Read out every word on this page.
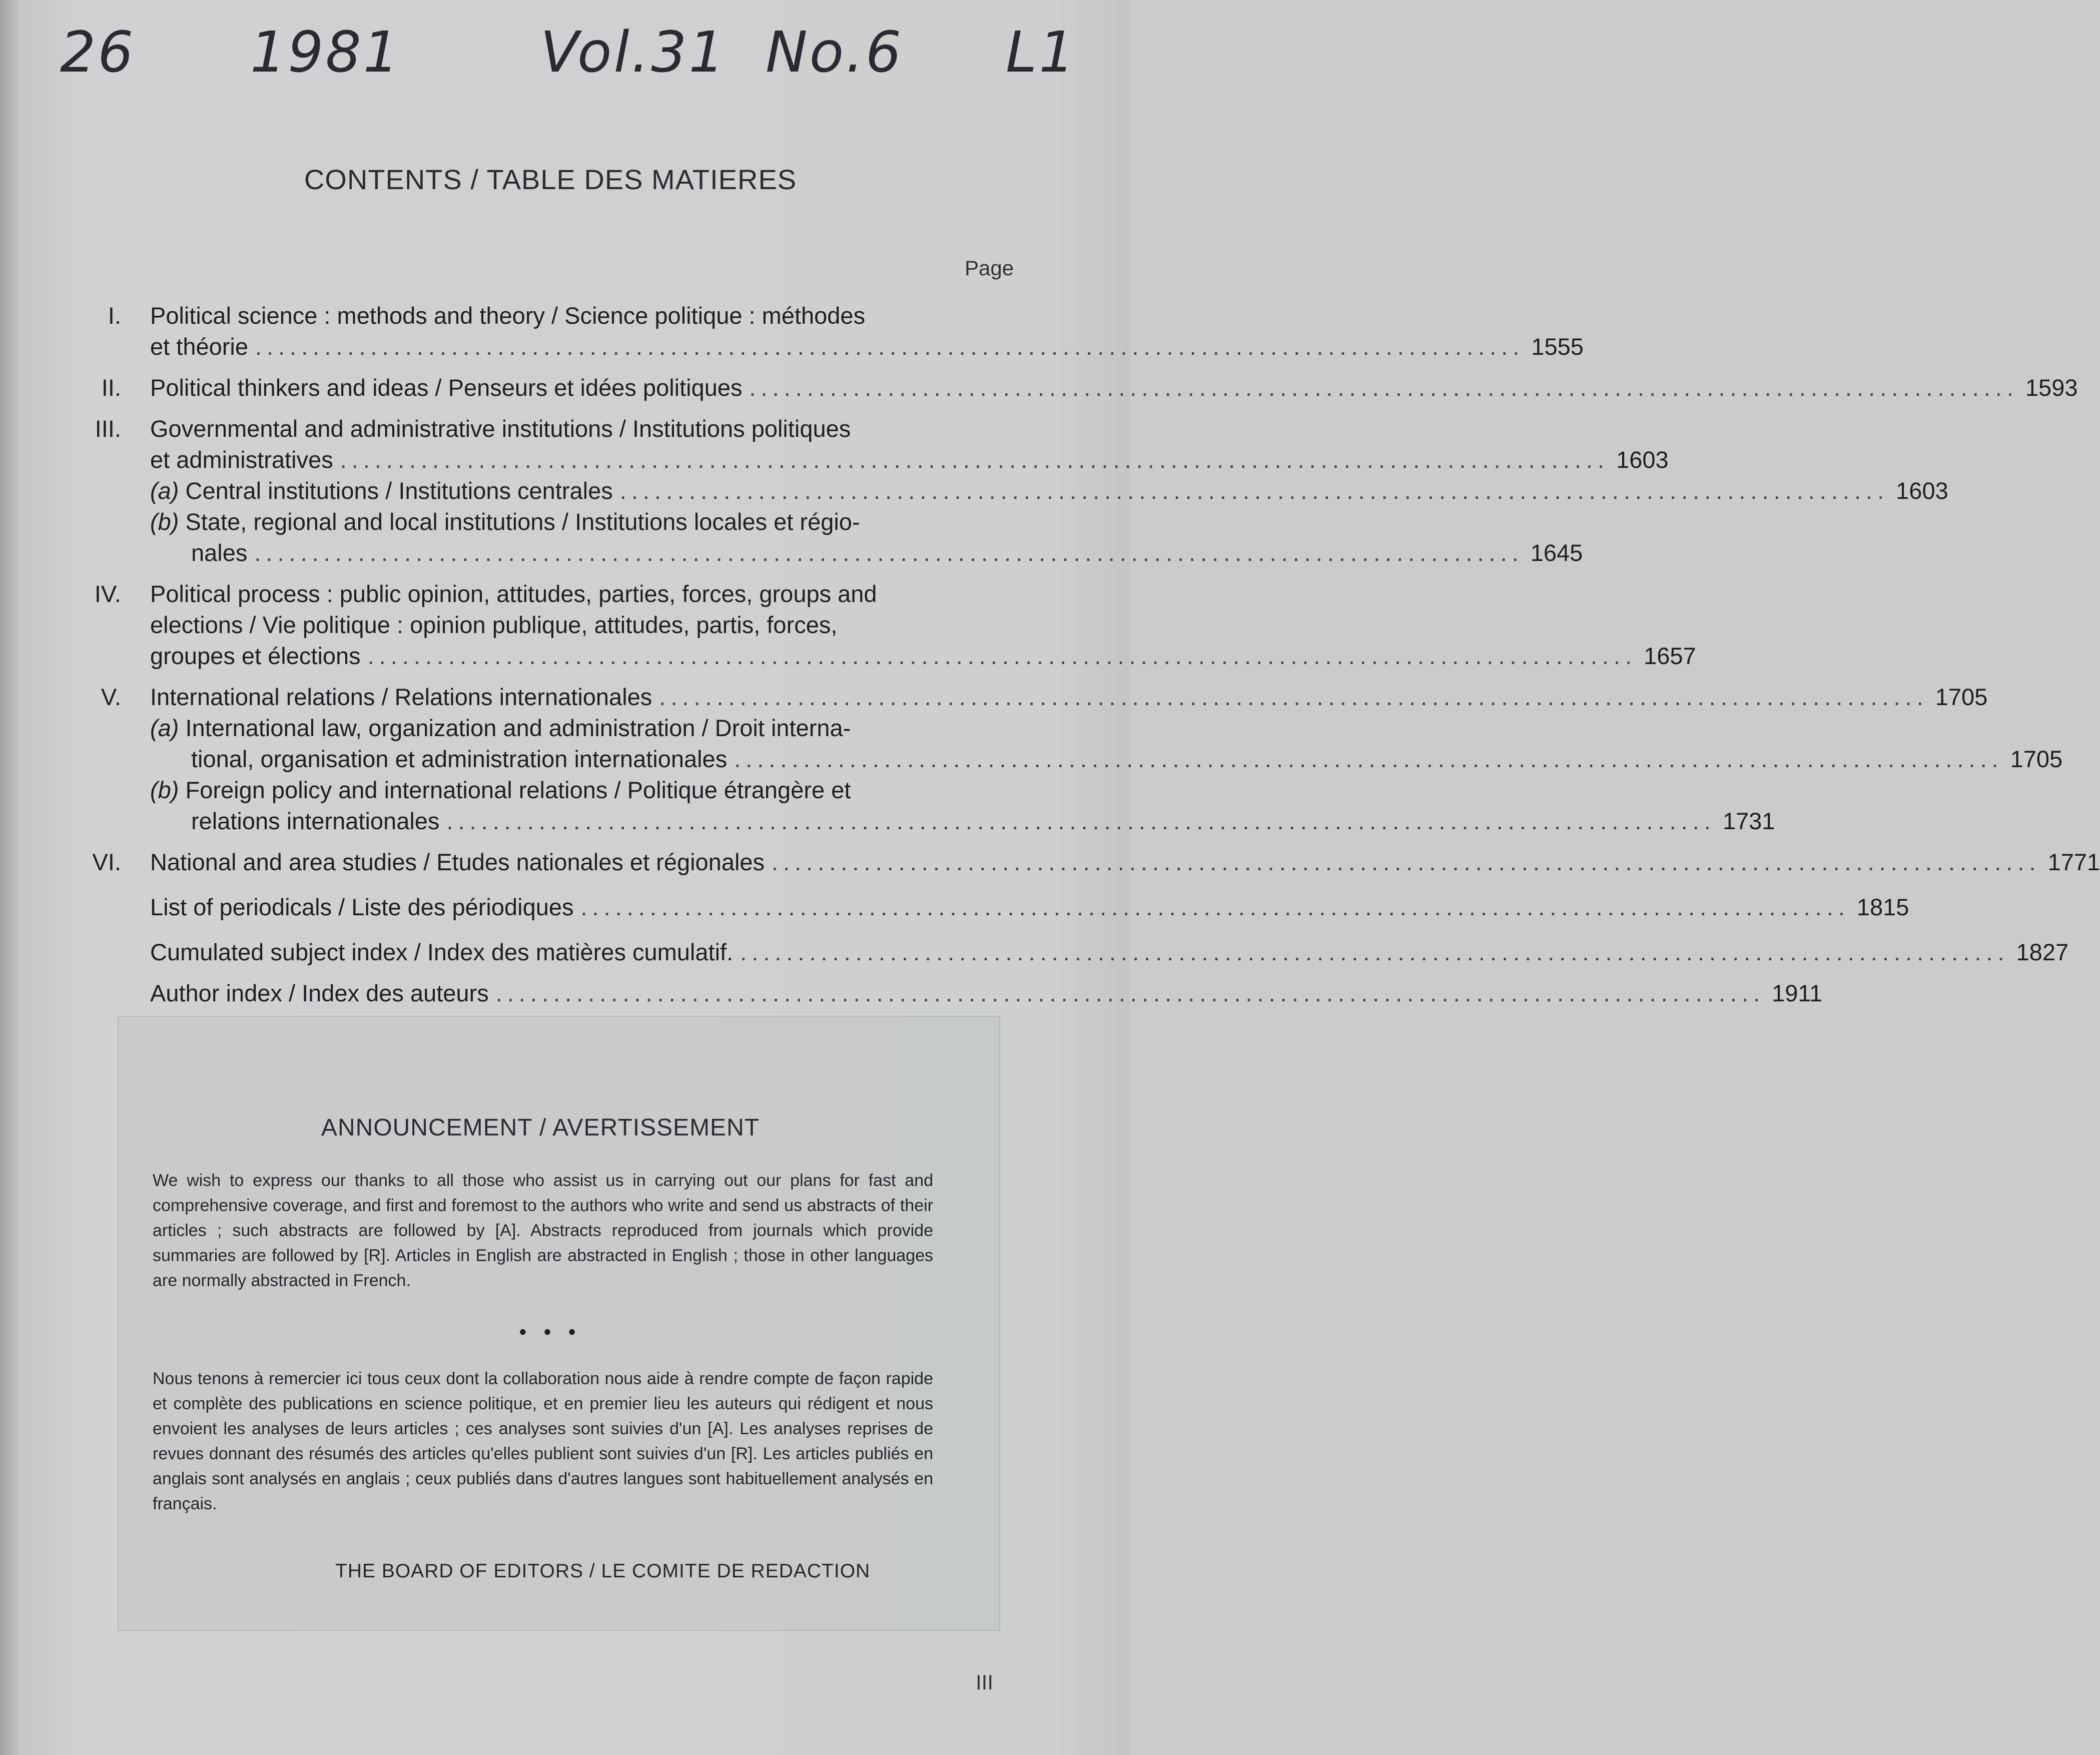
26 1981 Vol.31 No.6 L1
CONTENTS / TABLE DES MATIERES
Page
I. Political science : methods and theory / Science politique : méthodes
et théorie .............................................................................................................. 1555
II. Political thinkers and ideas / Penseurs et idées politiques .............................................................................................................. 1593
III. Governmental and administrative institutions / Institutions politiques
et administratives .............................................................................................................. 1603
(a) Central institutions / Institutions centrales .............................................................................................................. 1603
(b) State, regional and local institutions / Institutions locales et régio-
nales .............................................................................................................. 1645
IV. Political process : public opinion, attitudes, parties, forces, groups and
elections / Vie politique : opinion publique, attitudes, partis, forces,
groupes et élections .............................................................................................................. 1657
V. International relations / Relations internationales .............................................................................................................. 1705
(a) International law, organization and administration / Droit interna-
tional, organisation et administration internationales .............................................................................................................. 1705
(b) Foreign policy and international relations / Politique étrangère et
relations internationales .............................................................................................................. 1731
VI. National and area studies / Etudes nationales et régionales .............................................................................................................. 1771
List of periodicals / Liste des périodiques .............................................................................................................. 1815
Cumulated subject index / Index des matières cumulatif. .............................................................................................................. 1827
Author index / Index des auteurs .............................................................................................................. 1911
ANNOUNCEMENT / AVERTISSEMENT
We wish to express our thanks to all those who assist us in carrying out our plans for fast and comprehensive coverage, and first and foremost to the authors who write and send us abstracts of their articles ; such abstracts are followed by [A]. Abstracts reproduced from journals which provide summaries are followed by [R]. Articles in English are abstracted in English ; those in other languages are normally abstracted in French.
• • •
Nous tenons à remercier ici tous ceux dont la collaboration nous aide à rendre compte de façon rapide et complète des publications en science politique, et en premier lieu les auteurs qui rédigent et nous envoient les analyses de leurs articles ; ces analyses sont suivies d'un [A]. Les analyses reprises de revues donnant des résumés des articles qu'elles publient sont suivies d'un [R]. Les articles publiés en anglais sont analysés en anglais ; ceux publiés dans d'autres langues sont habituellement analysés en français.
THE BOARD OF EDITORS / LE COMITE DE REDACTION
III
